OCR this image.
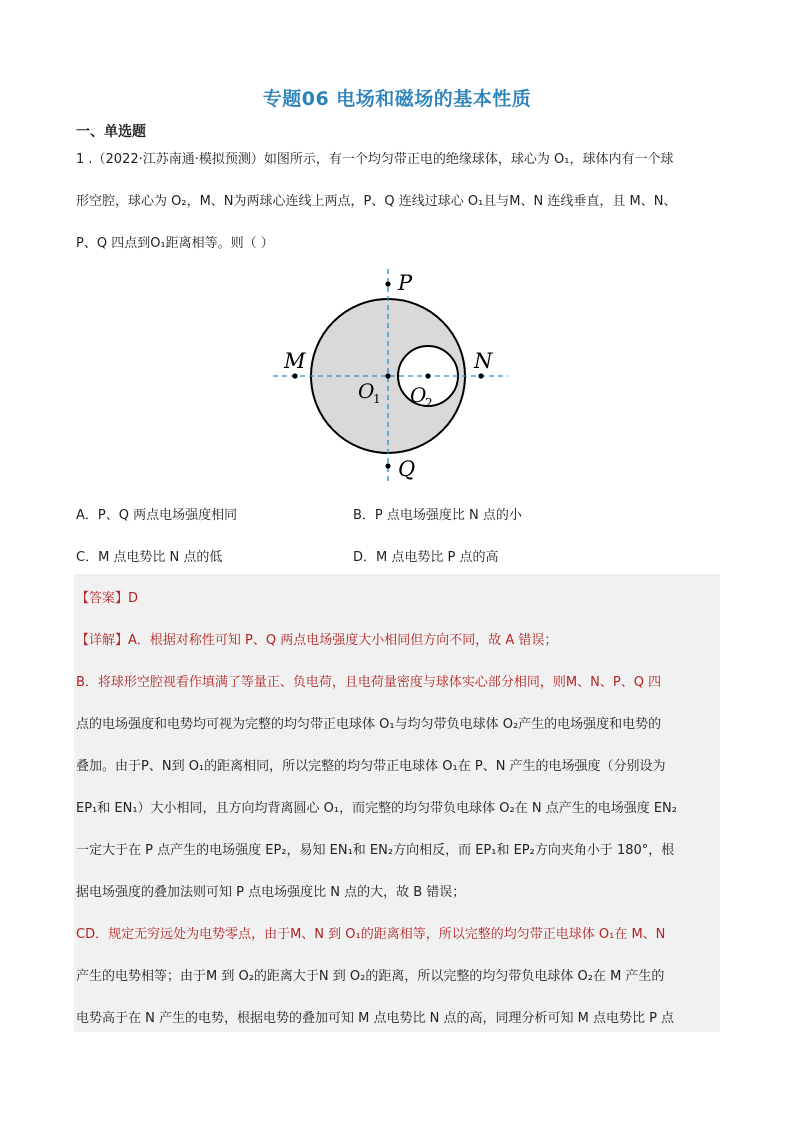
专题06 电场和磁场的基本性质
一、单选题
1 .（2022·江苏南通·模拟预测）如图所示，有一个均匀带正电的绝缘球体，球心为 O₁，球体内有一个球
形空腔，球心为 O₂，M、N为两球心连线上两点，P、Q 连线过球心 O₁且与M、N 连线垂直，且 M、N、
P、Q 四点到O₁距离相等。则（ ）
P
Q
M	N
O
1 O
2
A．P、Q 两点电场强度相同	B．P 点电场强度比 N 点的小
C．M 点电势比 N 点的低	D．M 点电势比 P 点的高
【答案】D
【详解】A．根据对称性可知 P、Q 两点电场强度大小相同但方向不同，故 A 错误；
B．将球形空腔视看作填满了等量正、负电荷，且电荷量密度与球体实心部分相同，则M、N、P、Q 四
点的电场强度和电势均可视为完整的均匀带正电球体 O₁与均匀带负电球体 O₂产生的电场强度和电势的
叠加。由于P、N到 O₁的距离相同，所以完整的均匀带正电球体 O₁在 P、N 产生的电场强度（分别设为
EP₁和 EN₁）大小相同，且方向均背离圆心 O₁，而完整的均匀带负电球体 O₂在 N 点产生的电场强度 EN₂
一定大于在 P 点产生的电场强度 EP₂，易知 EN₁和 EN₂方向相反，而 EP₁和 EP₂方向夹角小于 180°，根
据电场强度的叠加法则可知 P 点电场强度比 N 点的大，故 B 错误；
CD．规定无穷远处为电势零点，由于M、N 到 O₁的距离相等，所以完整的均匀带正电球体 O₁在 M、N
产生的电势相等；由于M 到 O₂的距离大于N 到 O₂的距离，所以完整的均匀带负电球体 O₂在 M 产生的
电势高于在 N 产生的电势，根据电势的叠加可知 M 点电势比 N 点的高，同理分析可知 M 点电势比 P 点
